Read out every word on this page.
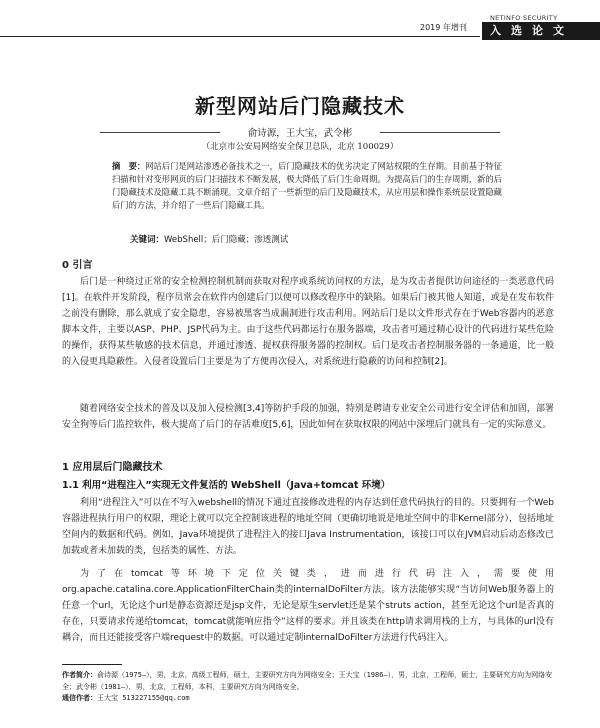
2019 年增刊
NETINFO SECURITY
入选论文
新型网站后门隐藏技术
俞诗源，王大宝，武令彬
（北京市公安局网络安全保卫总队，北京 100029）
摘　要：网站后门是网站渗透必备技术之一，后门隐藏技术的优劣决定了网站权限的生存期。目前基于特征扫描和针对变形网页的后门扫描技术不断发展，极大降低了后门生命周期。为提高后门的生存周期，新的后门隐藏技术及隐藏工具不断涌现。文章介绍了一些新型的后门及隐藏技术，从应用层和操作系统层设置隐藏后门的方法，并介绍了一些后门隐藏工具。
关键词：WebShell；后门隐藏；渗透测试
0 引言
后门是一种绕过正常的安全检测控制机制而获取对程序或系统访问权的方法，是为攻击者提供访问途径的一类恶意代码[1]。在软件开发阶段，程序员常会在软件内创建后门以便可以修改程序中的缺陷。如果后门被其他人知道，或是在发布软件之前没有删除，那么就成了安全隐患，容易被黑客当成漏洞进行攻击利用。网站后门是以文件形式存在于Web容器内的恶意脚本文件，主要以ASP、PHP、JSP代码为主。由于这些代码都运行在服务器端，攻击者可通过精心设计的代码进行某些危险的操作，获得某些敏感的技术信息，并通过渗透、提权获得服务器的控制权。后门是攻击者控制服务器的一条通道，比一般的入侵更具隐蔽性。入侵者设置后门主要是为了方便再次侵入，对系统进行隐蔽的访问和控制[2]。
随着网络安全技术的普及以及加入侵检测[3,4]等防护手段的加强，特别是聘请专业安全公司进行安全评估和加固，部署安全狗等后门监控软件，极大提高了后门的存活难度[5,6]，因此如何在获取权限的网站中深埋后门就具有一定的实际意义。
1 应用层后门隐藏技术
1.1 利用“进程注入”实现无文件复活的 WebShell（Java+tomcat 环境）
利用“进程注入”可以在不写入webshell的情况下通过直接修改进程的内存达到任意代码执行的目的。只要拥有一个Web容器进程执行用户的权限，理论上就可以完全控制该进程的地址空间（更确切地说是地址空间中的非Kernel部分），包括地址空间内的数据和代码。例如，Java环境提供了进程注入的接口Java Instrumentation，该接口可以在JVM启动后动态修改已加载或者未加载的类，包括类的属性、方法。
为了在tomcat等环境下定位关键类，进而进行代码注入，需要使用org.apache.catalina.core.ApplicationFilterChain类的internalDoFilter方法。该方法能够实现“当访问Web服务器上的任意一个url，无论这个url是静态资源还是jsp文件，无论是原生servlet还是某个struts action，甚至无论这个url是否真的存在，只要请求传递给tomcat，tomcat就能响应指令”这样的要求。并且该类在http请求调用栈的上方，与具体的url没有耦合，而且还能接受客户端request中的数据。可以通过定制internalDoFilter方法进行代码注入。
作者简介：俞诗源（1975—），男，北京，高级工程师，硕士，主要研究方向为网络安全；王大宝（1986—），男，北京，工程师，硕士，主要研究方向为网络安全；武令彬（1981—），男，北京，工程师，本科，主要研究方向为网络安全。
通信作者：王大宝 513227155@qq.com
